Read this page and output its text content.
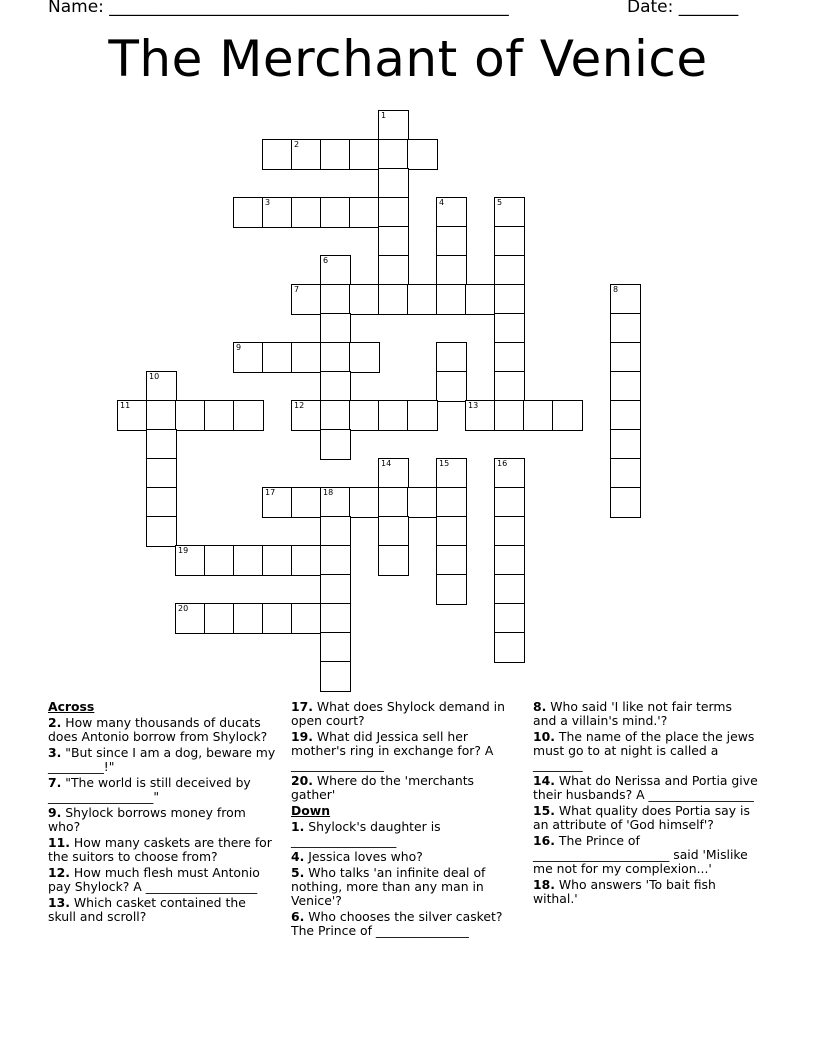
Name: _______________________________________________	Date: _______
The Merchant of Venice
1
2
3	4	5
6
7	8
9
10
11	12	13
14	15	16
17	18
19
20
Across
2. How many thousands of ducats does Antonio borrow from Shylock?
3. "But since I am a dog, beware my _________!"
7. "The world is still deceived by _________________"
9. Shylock borrows money from who?
11. How many caskets are there for the suitors to choose from?
12. How much flesh must Antonio pay Shylock? A __________________
13. Which casket contained the skull and scroll?
17. What does Shylock demand in open court?
19. What did Jessica sell her mother's ring in exchange for? A _______________
20. Where do the 'merchants gather'
Down
1. Shylock's daughter is _________________
4. Jessica loves who?
5. Who talks 'an infinite deal of nothing, more than any man in Venice'?
6. Who chooses the silver casket? The Prince of _______________
8. Who said 'I like not fair terms and a villain's mind.'?
10. The name of the place the jews must go to at night is called a ________
14. What do Nerissa and Portia give their husbands? A _________________
15. What quality does Portia say is an attribute of 'God himself'?
16. The Prince of ______________________ said 'Mislike me not for my complexion...'
18. Who answers 'To bait fish withal.'
